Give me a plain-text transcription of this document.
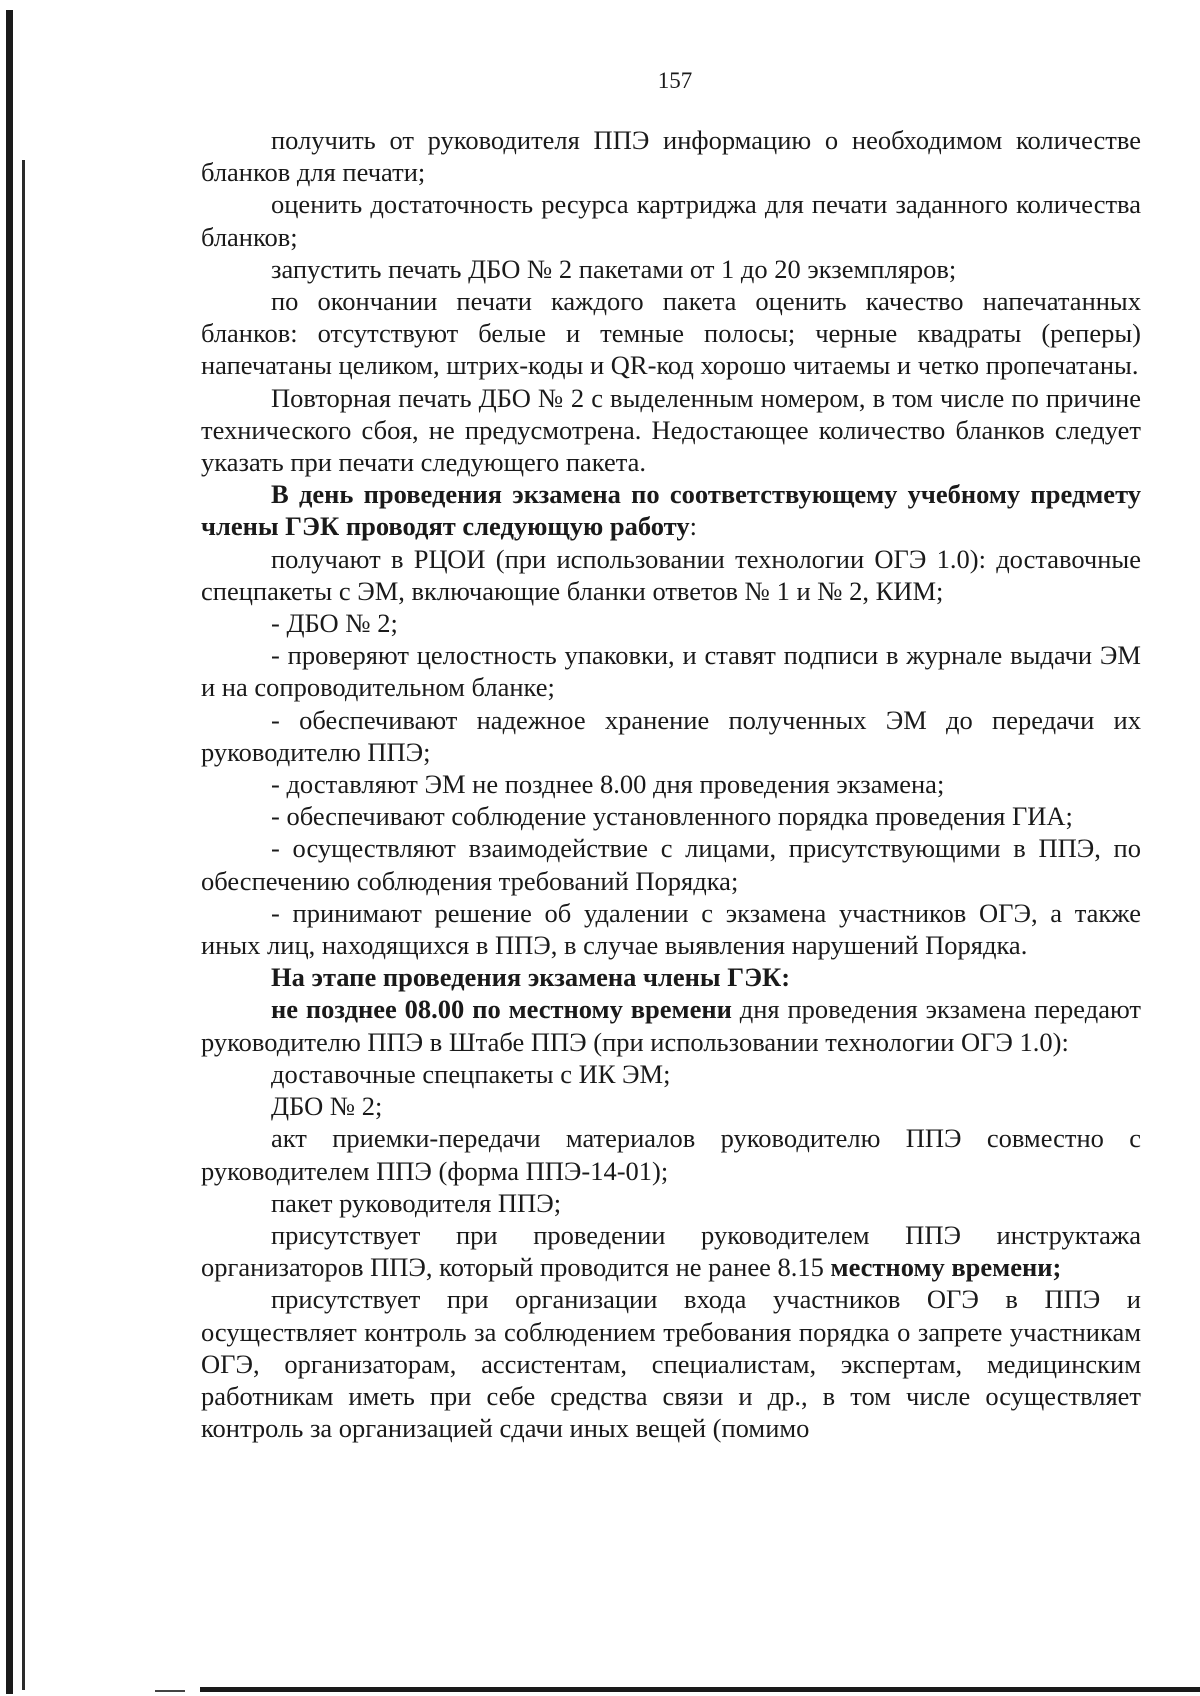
157

получить от руководителя ППЭ информацию о необходимом количестве бланков для печати;

оценить достаточность ресурса картриджа для печати заданного количества бланков;

запустить печать ДБО № 2 пакетами от 1 до 20 экземпляров;

по окончании печати каждого пакета оценить качество напечатанных бланков: отсутствуют белые и темные полосы; черные квадраты (реперы) напечатаны целиком, штрих-коды и QR-код хорошо читаемы и четко пропечатаны.

Повторная печать ДБО № 2 с выделенным номером, в том числе по причине технического сбоя, не предусмотрена. Недостающее количество бланков следует указать при печати следующего пакета.

В день проведения экзамена по соответствующему учебному предмету члены ГЭК проводят следующую работу:

получают в РЦОИ (при использовании технологии ОГЭ 1.0): доставочные спецпакеты с ЭМ, включающие бланки ответов № 1 и № 2, КИМ;

- ДБО № 2;

- проверяют целостность упаковки, и ставят подписи в журнале выдачи ЭМ и на сопроводительном бланке;

- обеспечивают надежное хранение полученных ЭМ до передачи их руководителю ППЭ;

- доставляют ЭМ не позднее 8.00 дня проведения экзамена;

- обеспечивают соблюдение установленного порядка проведения ГИА;

- осуществляют взаимодействие с лицами, присутствующими в ППЭ, по обеспечению соблюдения требований Порядка;

- принимают решение об удалении с экзамена участников ОГЭ, а также иных лиц, находящихся в ППЭ, в случае выявления нарушений Порядка.

На этапе проведения экзамена члены ГЭК:

не позднее 08.00 по местному времени дня проведения экзамена передают руководителю ППЭ в Штабе ППЭ (при использовании технологии ОГЭ 1.0):

доставочные спецпакеты с ИК ЭМ;

ДБО № 2;

акт приемки-передачи материалов руководителю ППЭ совместно с руководителем ППЭ (форма ППЭ-14-01);

пакет руководителя ППЭ;

присутствует при проведении руководителем ППЭ инструктажа организаторов ППЭ, который проводится не ранее 8.15 местному времени;

присутствует при организации входа участников ОГЭ в ППЭ и осуществляет контроль за соблюдением требования порядка о запрете участникам ОГЭ, организаторам, ассистентам, специалистам, экспертам, медицинским работникам иметь при себе средства связи и др., в том числе осуществляет контроль за организацией сдачи иных вещей (помимо
